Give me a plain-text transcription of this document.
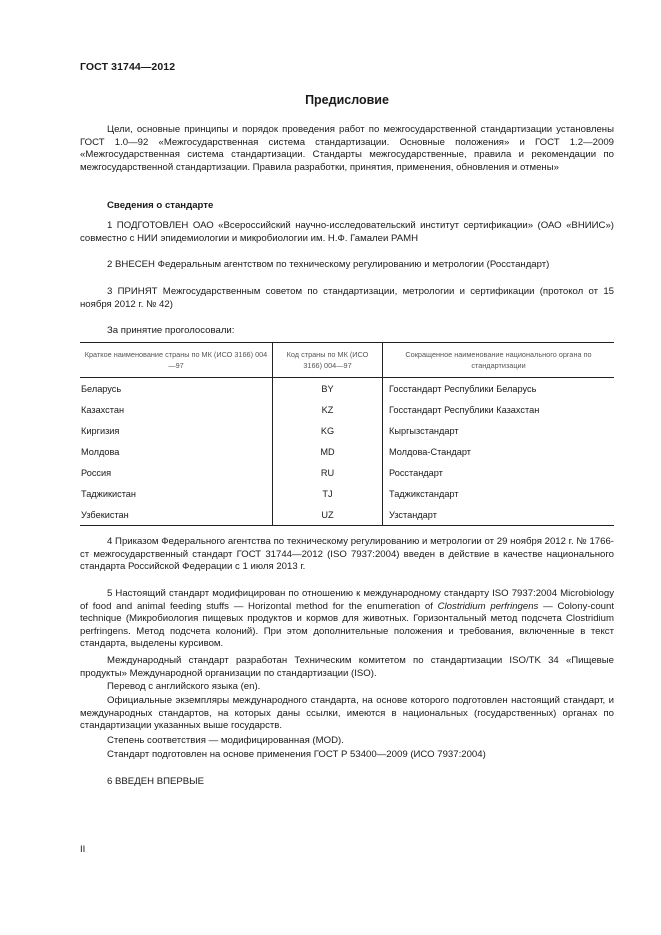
ГОСТ 31744—2012
Предисловие

Цели, основные принципы и порядок проведения работ по межгосударственной стандартизации установлены ГОСТ 1.0—92 «Межгосударственная система стандартизации. Основные положения» и ГОСТ 1.2—2009 «Межгосударственная система стандартизации. Стандарты межгосударственные, правила и рекомендации по межгосударственной стандартизации. Правила разработки, принятия, применения, обновления и отмены»

Сведения о стандарте

1 ПОДГОТОВЛЕН ОАО «Всероссийский научно-исследовательский институт сертификации» (ОАО «ВНИИС») совместно с НИИ эпидемиологии и микробиологии им. Н.Ф. Гамалеи РАМН

2 ВНЕСЕН Федеральным агентством по техническому регулированию и метрологии (Росстандарт)

3 ПРИНЯТ Межгосударственным советом по стандартизации, метрологии и сертификации (протокол от 15 ноября 2012 г. № 42)

За принятие проголосовали:

Краткое наименование страны по МК (ИСО 3166) 004—97	Код страны по МК (ИСО 3166) 004—97	Сокращенное наименование национального органа по стандартизации
Беларусь	BY	Госстандарт Республики Беларусь
Казахстан	KZ	Госстандарт Республики Казахстан
Киргизия	KG	Кыргызстандарт
Молдова	MD	Молдова-Стандарт
Россия	RU	Росстандарт
Таджикистан	TJ	Таджикстандарт
Узбекистан	UZ	Узстандарт

4 Приказом Федерального агентства по техническому регулированию и метрологии от 29 ноября 2012 г. № 1766-ст межгосударственный стандарт ГОСТ 31744—2012 (ISO 7937:2004) введен в действие в качестве национального стандарта Российской Федерации с 1 июля 2013 г.

5 Настоящий стандарт модифицирован по отношению к международному стандарту ISO 7937:2004 Microbiology of food and animal feeding stuffs — Horizontal method for the enumeration of Clostridium perfringens — Colony-count technique (Микробиология пищевых продуктов и кормов для животных. Горизонтальный метод подсчета Clostridium perfringens. Метод подсчета колоний). При этом дополнительные положения и требования, включенные в текст стандарта, выделены курсивом.

Международный стандарт разработан Техническим комитетом по стандартизации ISO/TK 34 «Пищевые продукты» Международной организации по стандартизации (ISO).

Перевод с английского языка (en).

Официальные экземпляры международного стандарта, на основе которого подготовлен настоящий стандарт, и международных стандартов, на которых даны ссылки, имеются в национальных (государственных) органах по стандартизации указанных выше государств.

Степень соответствия — модифицированная (MOD).

Стандарт подготовлен на основе применения ГОСТ Р 53400—2009 (ИСО 7937:2004)

6 ВВЕДЕН ВПЕРВЫЕ

II
